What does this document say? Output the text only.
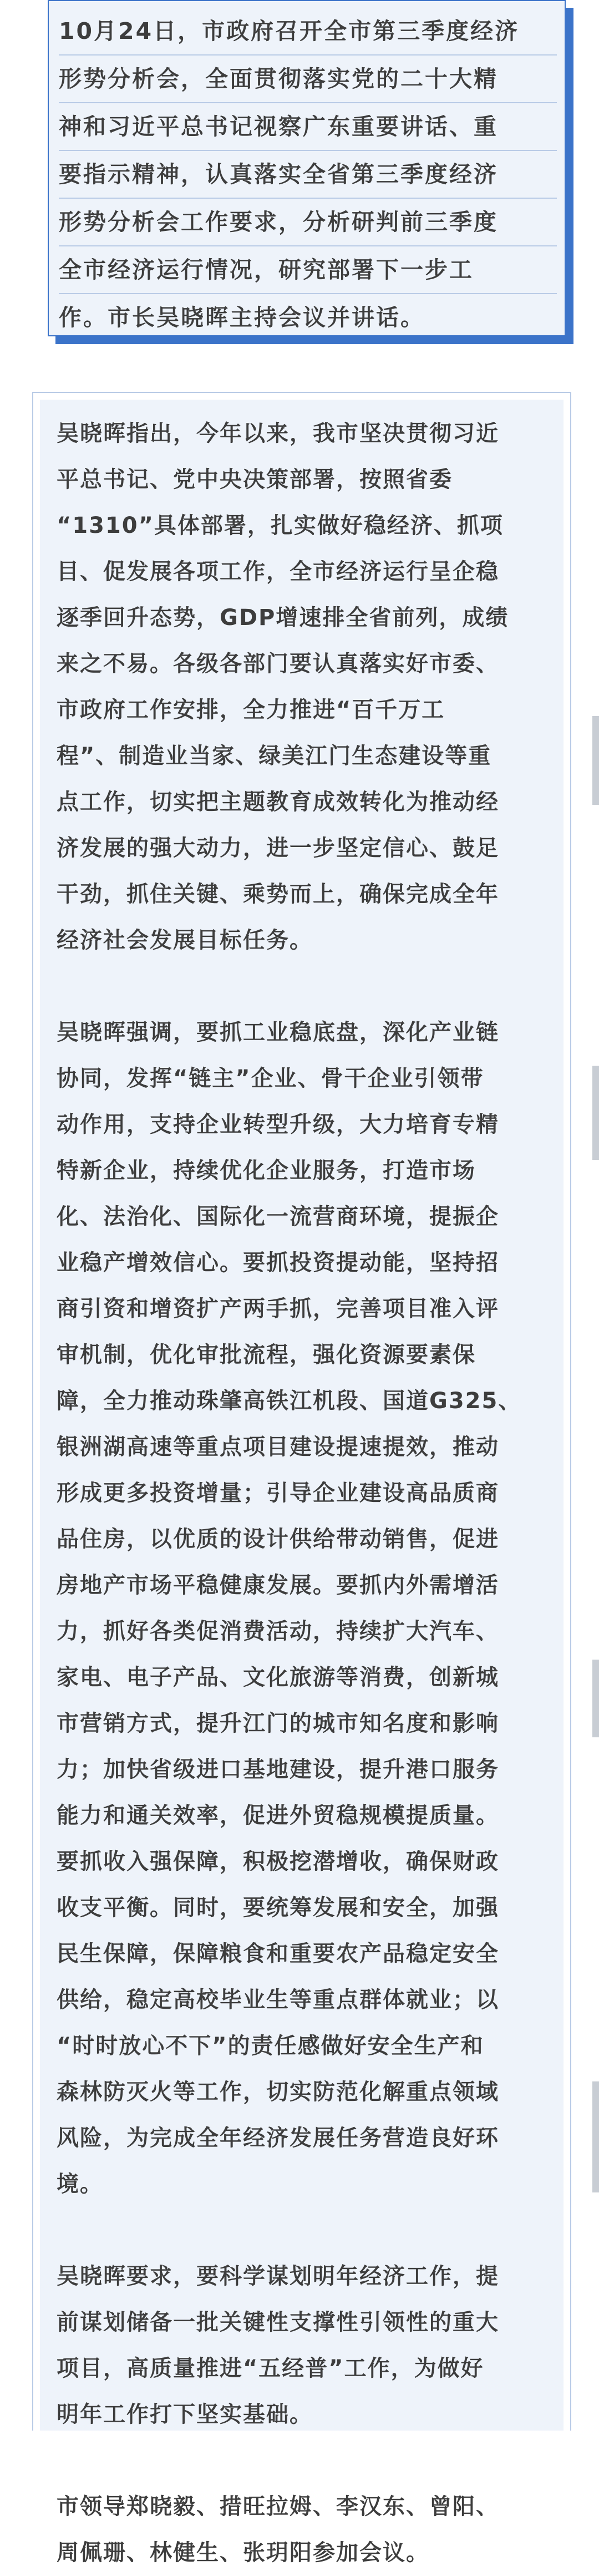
10月24日，市政府召开全市第三季度经济
形势分析会，全面贯彻落实党的二十大精
神和习近平总书记视察广东重要讲话、重
要指示精神，认真落实全省第三季度经济
形势分析会工作要求，分析研判前三季度
全市经济运行情况，研究部署下一步工
作。市长吴晓晖主持会议并讲话。
吴晓晖指出，今年以来，我市坚决贯彻习近
平总书记、党中央决策部署，按照省委
“1310”具体部署，扎实做好稳经济、抓项
目、促发展各项工作，全市经济运行呈企稳
逐季回升态势，GDP增速排全省前列，成绩
来之不易。各级各部门要认真落实好市委、
市政府工作安排，全力推进“百千万工
程”、制造业当家、绿美江门生态建设等重
点工作，切实把主题教育成效转化为推动经
济发展的强大动力，进一步坚定信心、鼓足
干劲，抓住关键、乘势而上，确保完成全年
经济社会发展目标任务。
吴晓晖强调，要抓工业稳底盘，深化产业链
协同，发挥“链主”企业、骨干企业引领带
动作用，支持企业转型升级，大力培育专精
特新企业，持续优化企业服务，打造市场
化、法治化、国际化一流营商环境，提振企
业稳产增效信心。要抓投资提动能，坚持招
商引资和增资扩产两手抓，完善项目准入评
审机制，优化审批流程，强化资源要素保
障，全力推动珠肇高铁江机段、国道G325、
银洲湖高速等重点项目建设提速提效，推动
形成更多投资增量；引导企业建设高品质商
品住房，以优质的设计供给带动销售，促进
房地产市场平稳健康发展。要抓内外需增活
力，抓好各类促消费活动，持续扩大汽车、
家电、电子产品、文化旅游等消费，创新城
市营销方式，提升江门的城市知名度和影响
力；加快省级进口基地建设，提升港口服务
能力和通关效率，促进外贸稳规模提质量。
要抓收入强保障，积极挖潜增收，确保财政
收支平衡。同时，要统筹发展和安全，加强
民生保障，保障粮食和重要农产品稳定安全
供给，稳定高校毕业生等重点群体就业；以
“时时放心不下”的责任感做好安全生产和
森林防灭火等工作，切实防范化解重点领域
风险，为完成全年经济发展任务营造良好环
境。
吴晓晖要求，要科学谋划明年经济工作，提
前谋划储备一批关键性支撑性引领性的重大
项目，高质量推进“五经普”工作，为做好
明年工作打下坚实基础。
市领导郑晓毅、措旺拉姆、李汉东、曾阳、
周佩珊、林健生、张玥阳参加会议。
